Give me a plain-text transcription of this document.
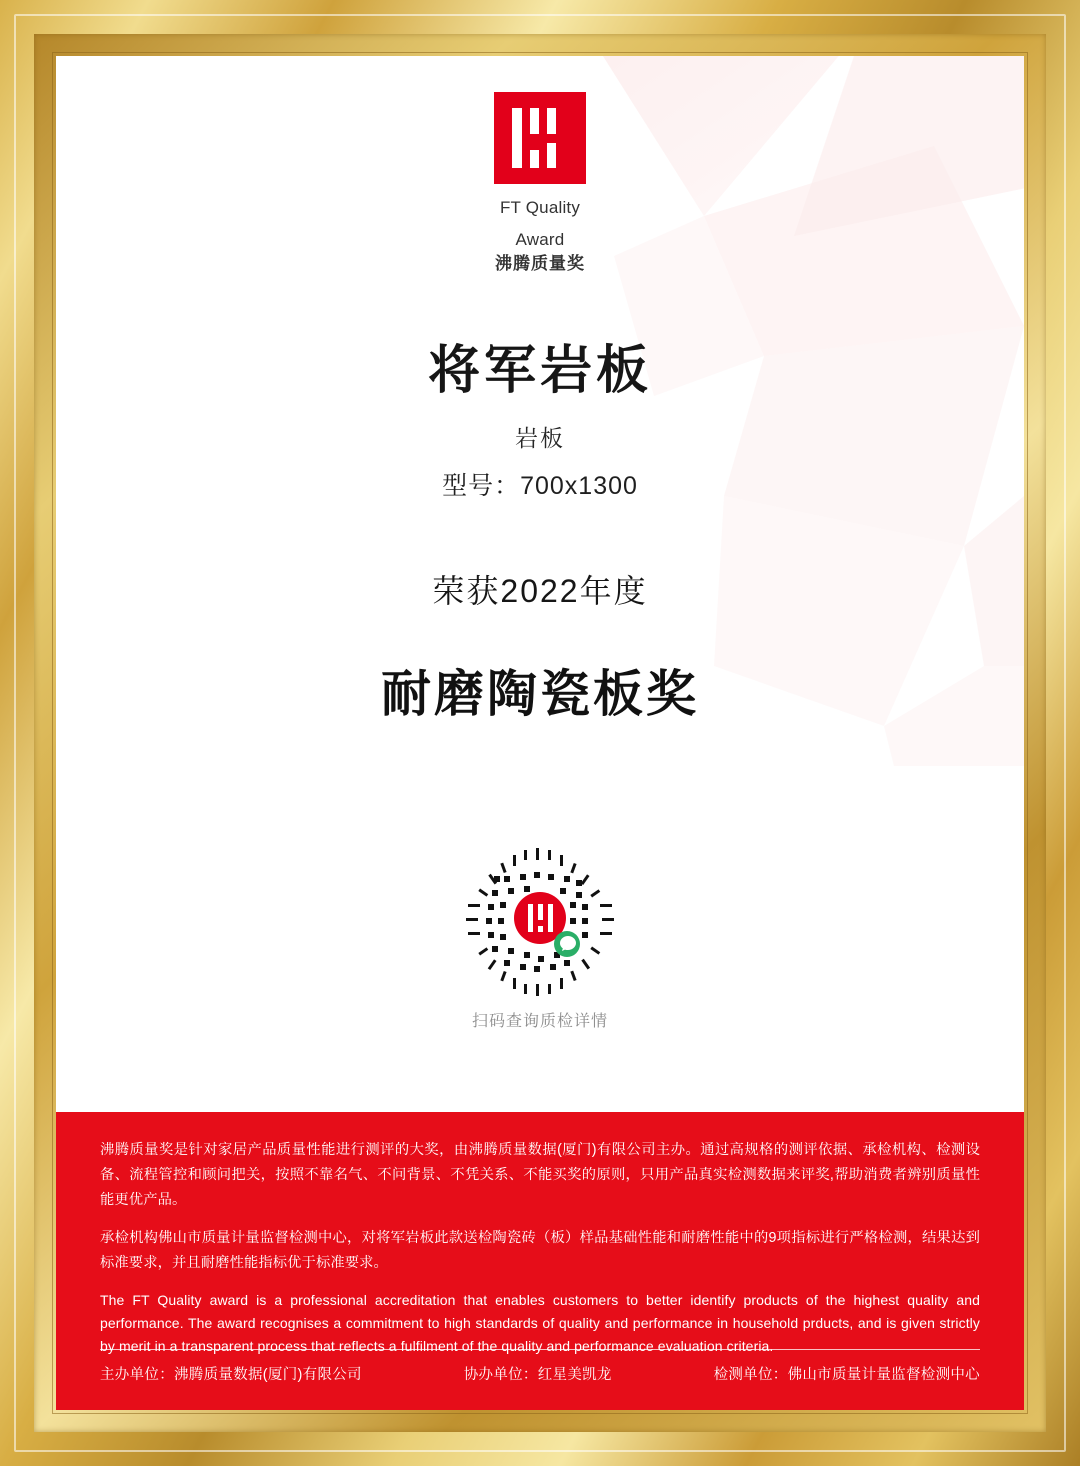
FT Quality
Award
沸腾质量奖
将军岩板
岩板
型号：700x1300
荣获2022年度
耐磨陶瓷板奖
扫码查询质检详情

沸腾质量奖是针对家居产品质量性能进行测评的大奖，由沸腾质量数据(厦门)有限公司主办。通过高规格的测评依据、承检机构、检测设备、流程管控和顾问把关，按照不靠名气、不问背景、不凭关系、不能买奖的原则，只用产品真实检测数据来评奖,帮助消费者辨别质量性能更优产品。

承检机构佛山市质量计量监督检测中心，对将军岩板此款送检陶瓷砖（板）样品基础性能和耐磨性能中的9项指标进行严格检测，结果达到标准要求，并且耐磨性能指标优于标准要求。

The FT Quality award is a professional accreditation that enables customers to better identify products of the highest quality and performance. The award recognises a commitment to high standards of quality and performance in household prducts, and is given strictly by merit in a transparent process that reflects a fulfilment of the quality and performance evaluation criteria.

主办单位：沸腾质量数据(厦门)有限公司	协办单位：红星美凯龙	检测单位：佛山市质量计量监督检测中心
